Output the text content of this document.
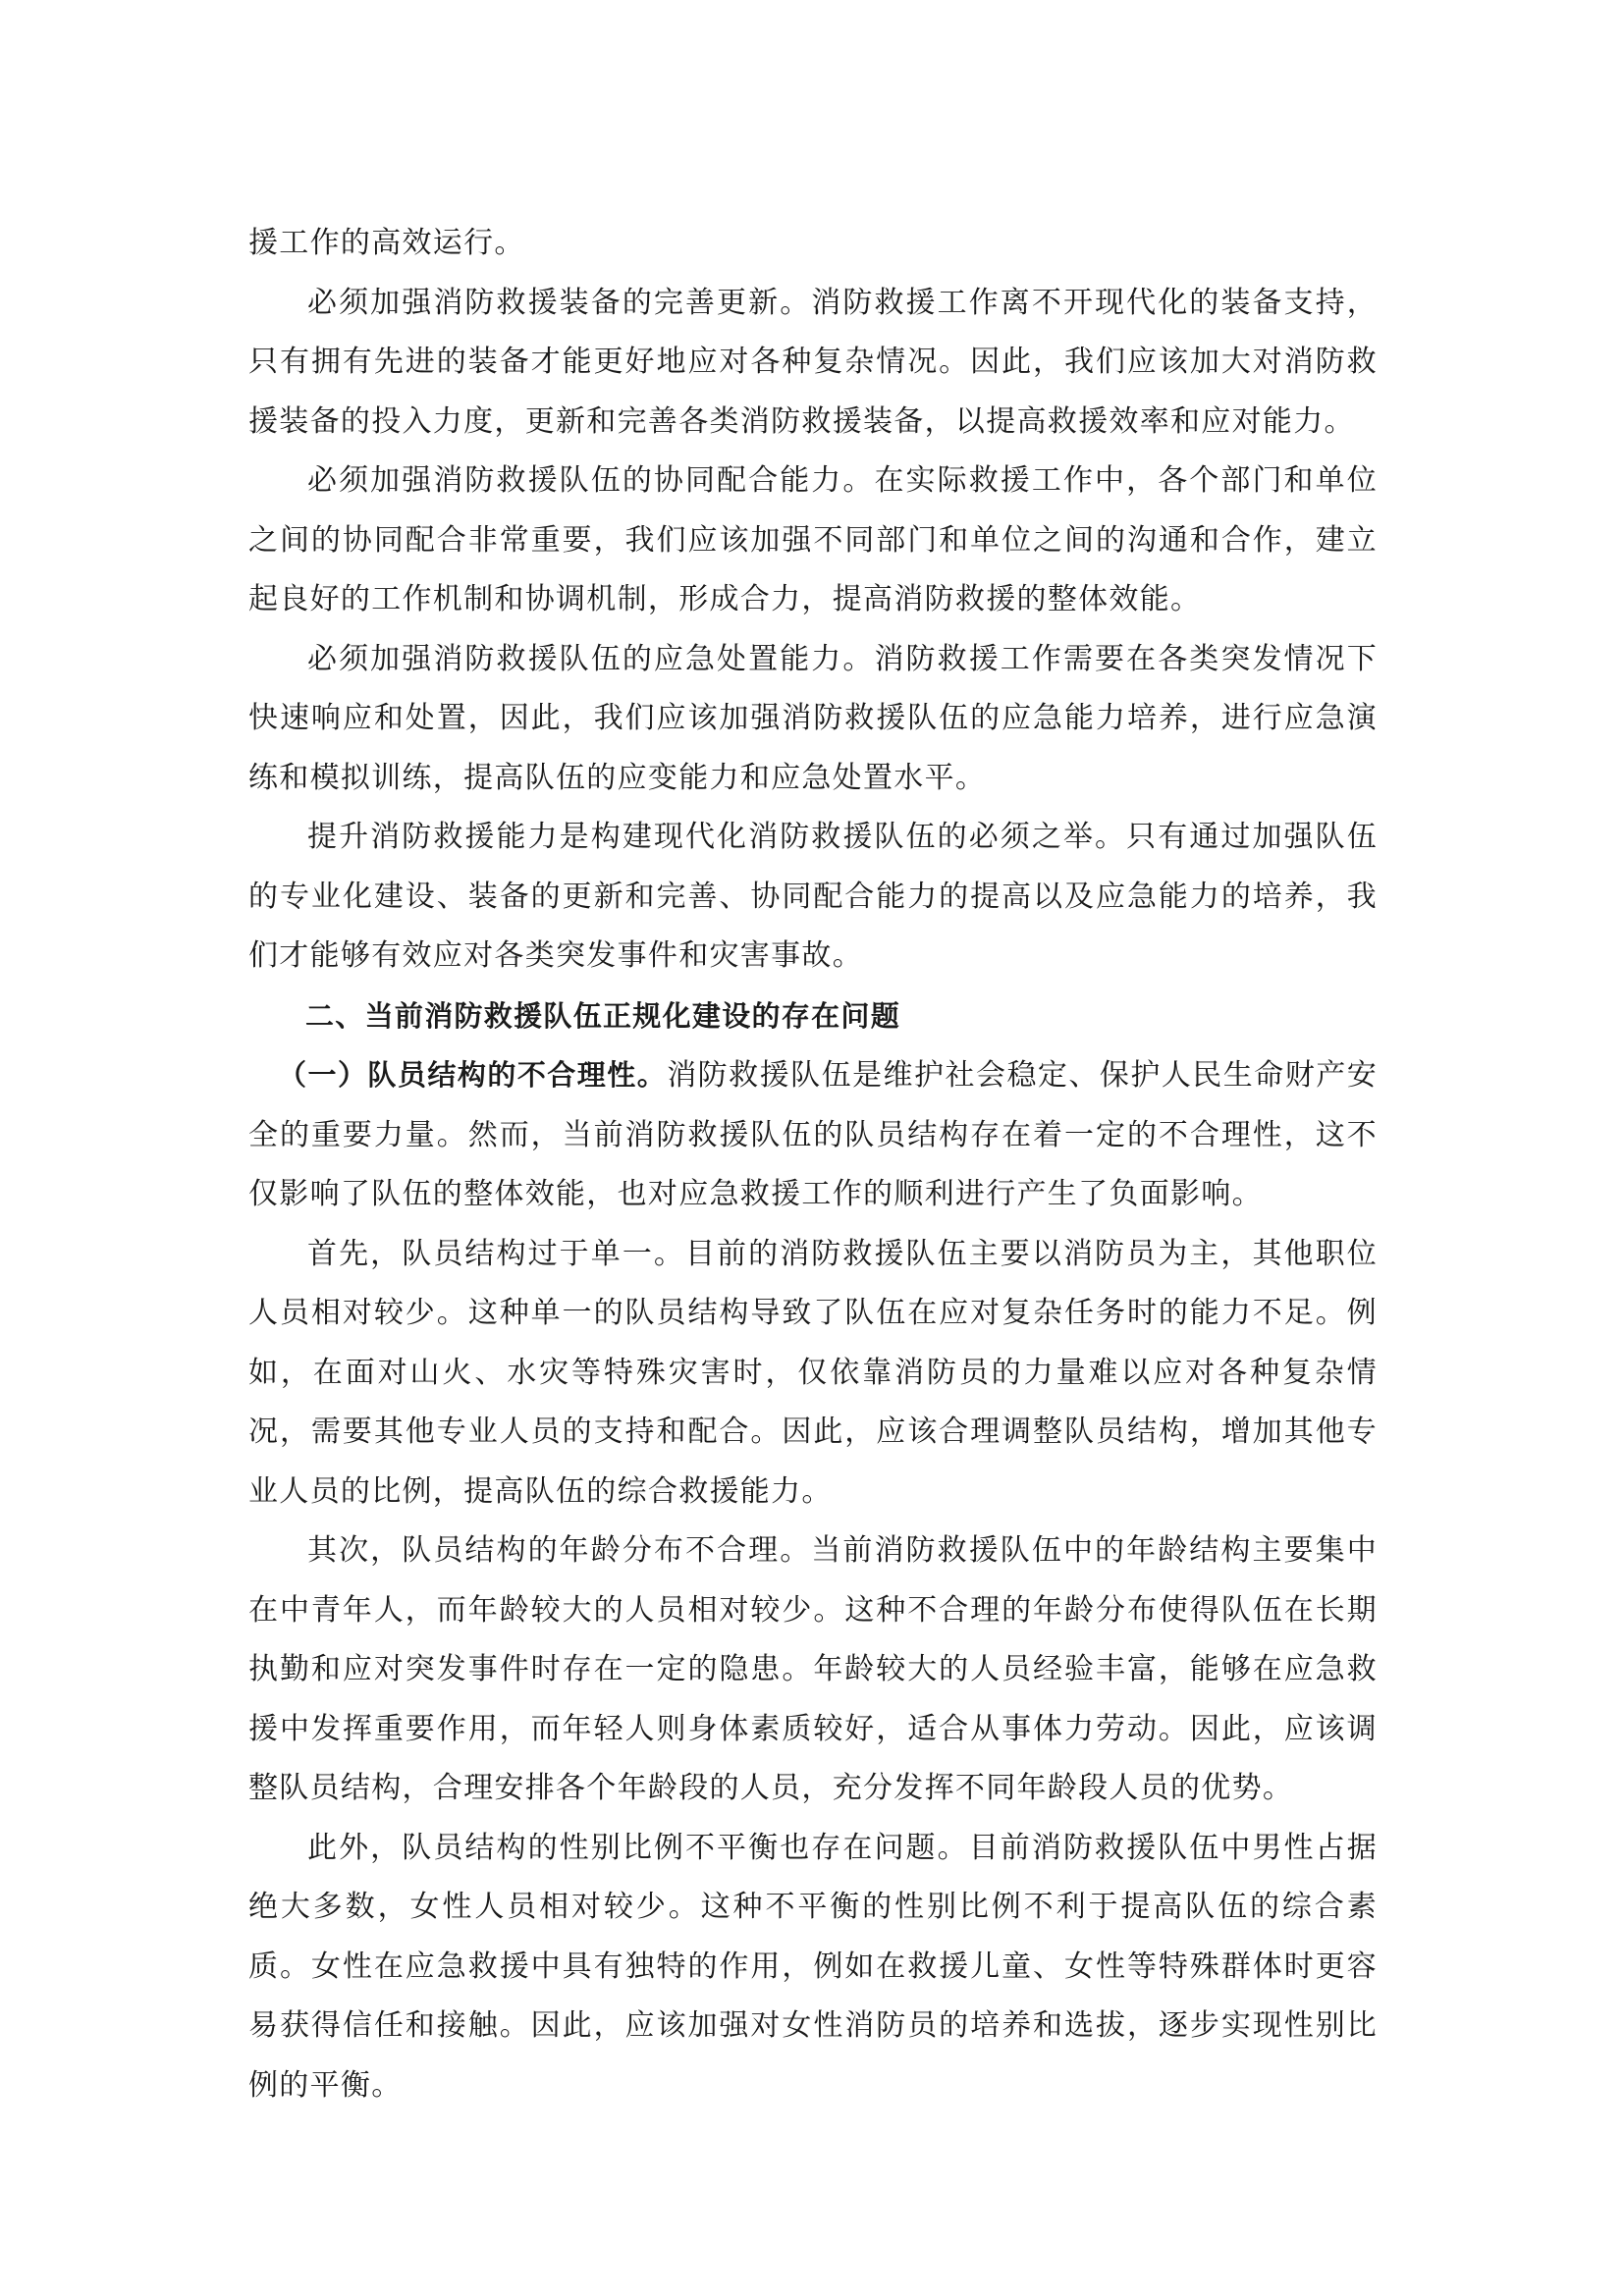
援工作的高效运行。

必须加强消防救援装备的完善更新。消防救援工作离不开现代化的装备支持，只有拥有先进的装备才能更好地应对各种复杂情况。因此，我们应该加大对消防救援装备的投入力度，更新和完善各类消防救援装备，以提高救援效率和应对能力。

必须加强消防救援队伍的协同配合能力。在实际救援工作中，各个部门和单位之间的协同配合非常重要，我们应该加强不同部门和单位之间的沟通和合作，建立起良好的工作机制和协调机制，形成合力，提高消防救援的整体效能。

必须加强消防救援队伍的应急处置能力。消防救援工作需要在各类突发情况下快速响应和处置，因此，我们应该加强消防救援队伍的应急能力培养，进行应急演练和模拟训练，提高队伍的应变能力和应急处置水平。

提升消防救援能力是构建现代化消防救援队伍的必须之举。只有通过加强队伍的专业化建设、装备的更新和完善、协同配合能力的提高以及应急能力的培养，我们才能够有效应对各类突发事件和灾害事故。

二、当前消防救援队伍正规化建设的存在问题

（一）队员结构的不合理性。消防救援队伍是维护社会稳定、保护人民生命财产安全的重要力量。然而，当前消防救援队伍的队员结构存在着一定的不合理性，这不仅影响了队伍的整体效能，也对应急救援工作的顺利进行产生了负面影响。

首先，队员结构过于单一。目前的消防救援队伍主要以消防员为主，其他职位人员相对较少。这种单一的队员结构导致了队伍在应对复杂任务时的能力不足。例如，在面对山火、水灾等特殊灾害时，仅依靠消防员的力量难以应对各种复杂情况，需要其他专业人员的支持和配合。因此，应该合理调整队员结构，增加其他专业人员的比例，提高队伍的综合救援能力。

其次，队员结构的年龄分布不合理。当前消防救援队伍中的年龄结构主要集中在中青年人，而年龄较大的人员相对较少。这种不合理的年龄分布使得队伍在长期执勤和应对突发事件时存在一定的隐患。年龄较大的人员经验丰富，能够在应急救援中发挥重要作用，而年轻人则身体素质较好，适合从事体力劳动。因此，应该调整队员结构，合理安排各个年龄段的人员，充分发挥不同年龄段人员的优势。

此外，队员结构的性别比例不平衡也存在问题。目前消防救援队伍中男性占据绝大多数，女性人员相对较少。这种不平衡的性别比例不利于提高队伍的综合素质。女性在应急救援中具有独特的作用，例如在救援儿童、女性等特殊群体时更容易获得信任和接触。因此，应该加强对女性消防员的培养和选拔，逐步实现性别比例的平衡。
